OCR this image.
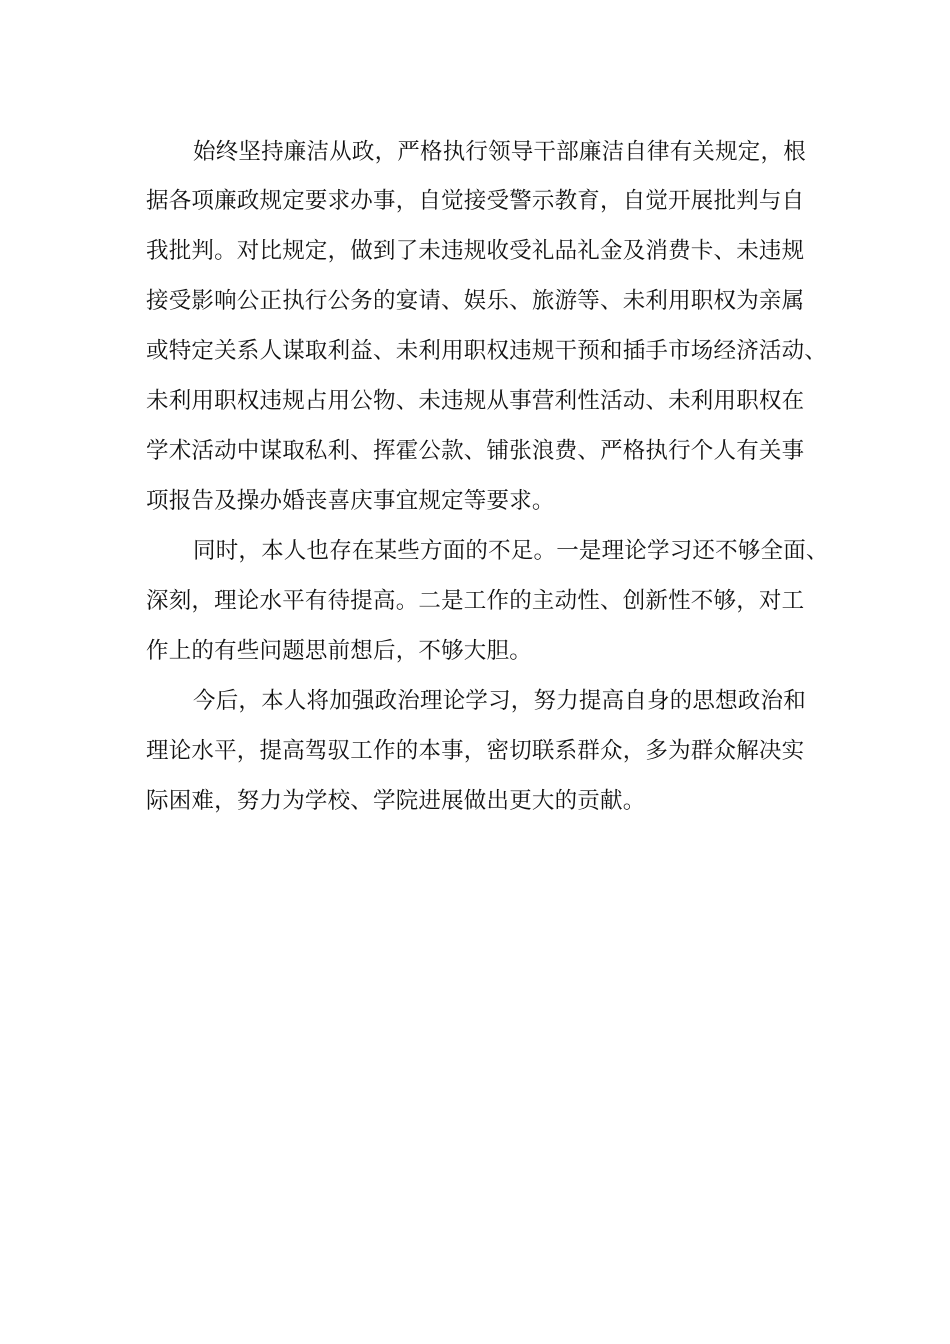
始终坚持廉洁从政，严格执行领导干部廉洁自律有关规定，根

据各项廉政规定要求办事，自觉接受警示教育，自觉开展批判与自

我批判。对比规定，做到了未违规收受礼品礼金及消费卡、未违规

接受影响公正执行公务的宴请、娱乐、旅游等、未利用职权为亲属

或特定关系人谋取利益、未利用职权违规干预和插手市场经济活动、

未利用职权违规占用公物、未违规从事营利性活动、未利用职权在

学术活动中谋取私利、挥霍公款、铺张浪费、严格执行个人有关事

项报告及操办婚丧喜庆事宜规定等要求。

同时，本人也存在某些方面的不足。一是理论学习还不够全面、

深刻，理论水平有待提高。二是工作的主动性、创新性不够，对工

作上的有些问题思前想后，不够大胆。

今后，本人将加强政治理论学习，努力提高自身的思想政治和

理论水平，提高驾驭工作的本事，密切联系群众，多为群众解决实

际困难，努力为学校、学院进展做出更大的贡献。
